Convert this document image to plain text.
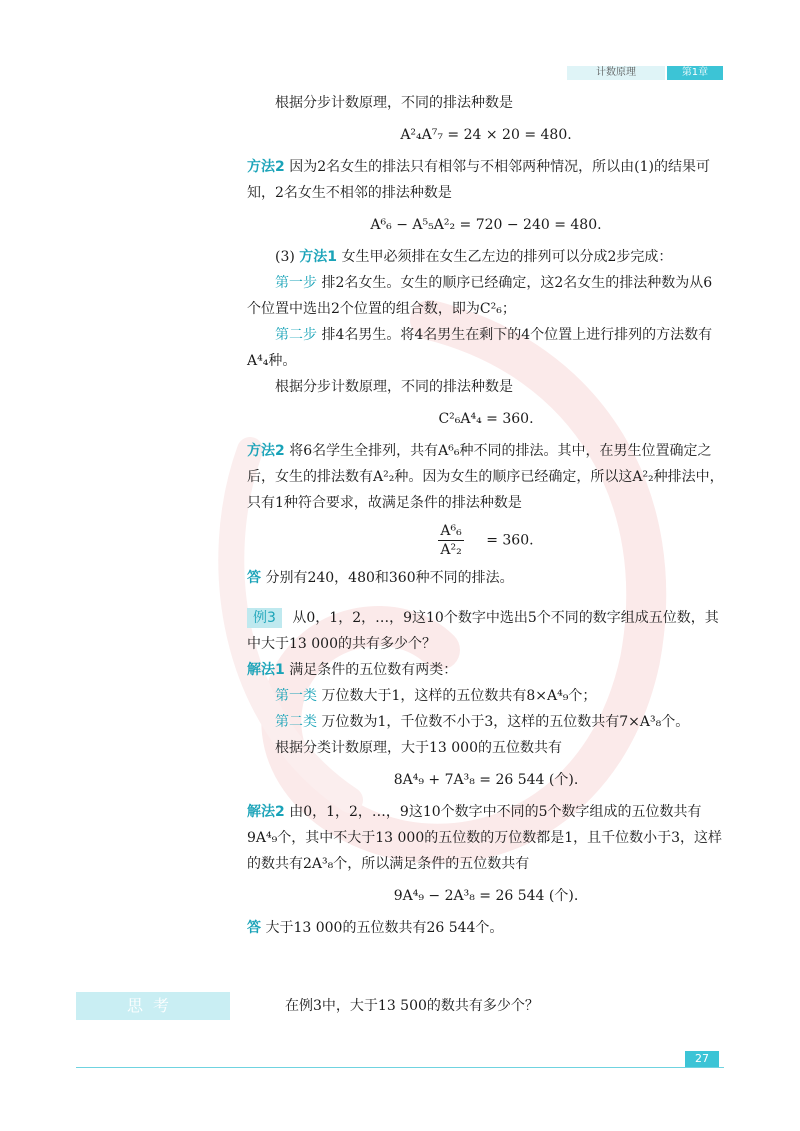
计数原理	第1章

根据分步计数原理，不同的排法种数是

A²₄A⁷₇ = 24 × 20 = 480.

方法2 因为2名女生的排法只有相邻与不相邻两种情况，所以由(1)的结果可知，2名女生不相邻的排法种数是

A⁶₆ − A⁵₅A²₂ = 720 − 240 = 480.

(3) 方法1 女生甲必须排在女生乙左边的排列可以分成2步完成：

第一步 排2名女生。女生的顺序已经确定，这2名女生的排法种数为从6个位置中选出2个位置的组合数，即为C²₆；

第二步 排4名男生。将4名男生在剩下的4个位置上进行排列的方法数有A⁴₄种。

根据分步计数原理，不同的排法种数是

C²₆A⁴₄ = 360.

方法2 将6名学生全排列，共有A⁶₆种不同的排法。其中，在男生位置确定之后，女生的排法数有A²₂种。因为女生的顺序已经确定，所以这A²₂种排法中，只有1种符合要求，故满足条件的排法种数是

$\frac{\text{A⁶₆}}{\text{A²₂}} = 360$.

答 分别有240，480和360种不同的排法。

例3 从0，1，2，…，9这10个数字中选出5个不同的数字组成五位数，其中大于13 000的共有多少个？

解法1 满足条件的五位数有两类：

第一类 万位数大于1，这样的五位数共有8×A⁴₉个；

第二类 万位数为1，千位数不小于3，这样的五位数共有7×A³₈个。

根据分类计数原理，大于13 000的五位数共有

8A⁴₉ + 7A³₈ = 26 544 (个).

解法2 由0，1，2，…，9这10个数字中不同的5个数字组成的五位数共有9A⁴₉个，其中不大于13 000的五位数的万位数都是1，且千位数小于3，这样的数共有2A³₈个，所以满足条件的五位数共有

9A⁴₉ − 2A³₈ = 26 544 (个).

答 大于13 000的五位数共有26 544个。

思考	在例3中，大于13 500的数共有多少个？
27
